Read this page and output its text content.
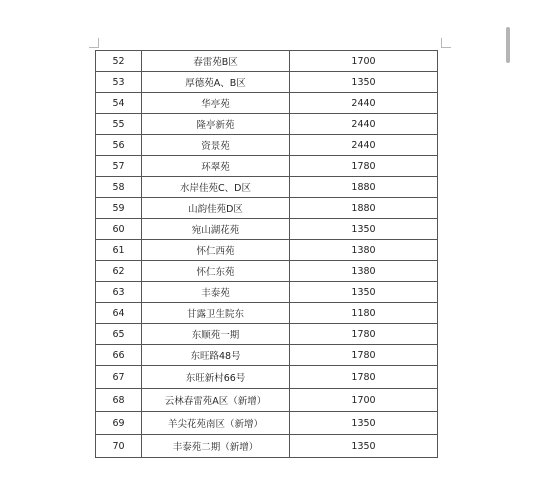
52	春雷苑B区	1700
53	厚德苑A、B区	1350
54	华亭苑	2440
55	隆亭新苑	2440
56	资景苑	2440
57	环翠苑	1780
58	水岸佳苑C、D区	1880
59	山韵佳苑D区	1880
60	宛山湖花苑	1350
61	怀仁西苑	1380
62	怀仁东苑	1380
63	丰泰苑	1350
64	甘露卫生院东	1180
65	东顺苑一期	1780
66	东旺路48号	1780
67	东旺新村66号	1780
68	云林春雷苑A区（新增）	1700
69	羊尖花苑南区（新增）	1350
70	丰泰苑二期（新增）	1350
